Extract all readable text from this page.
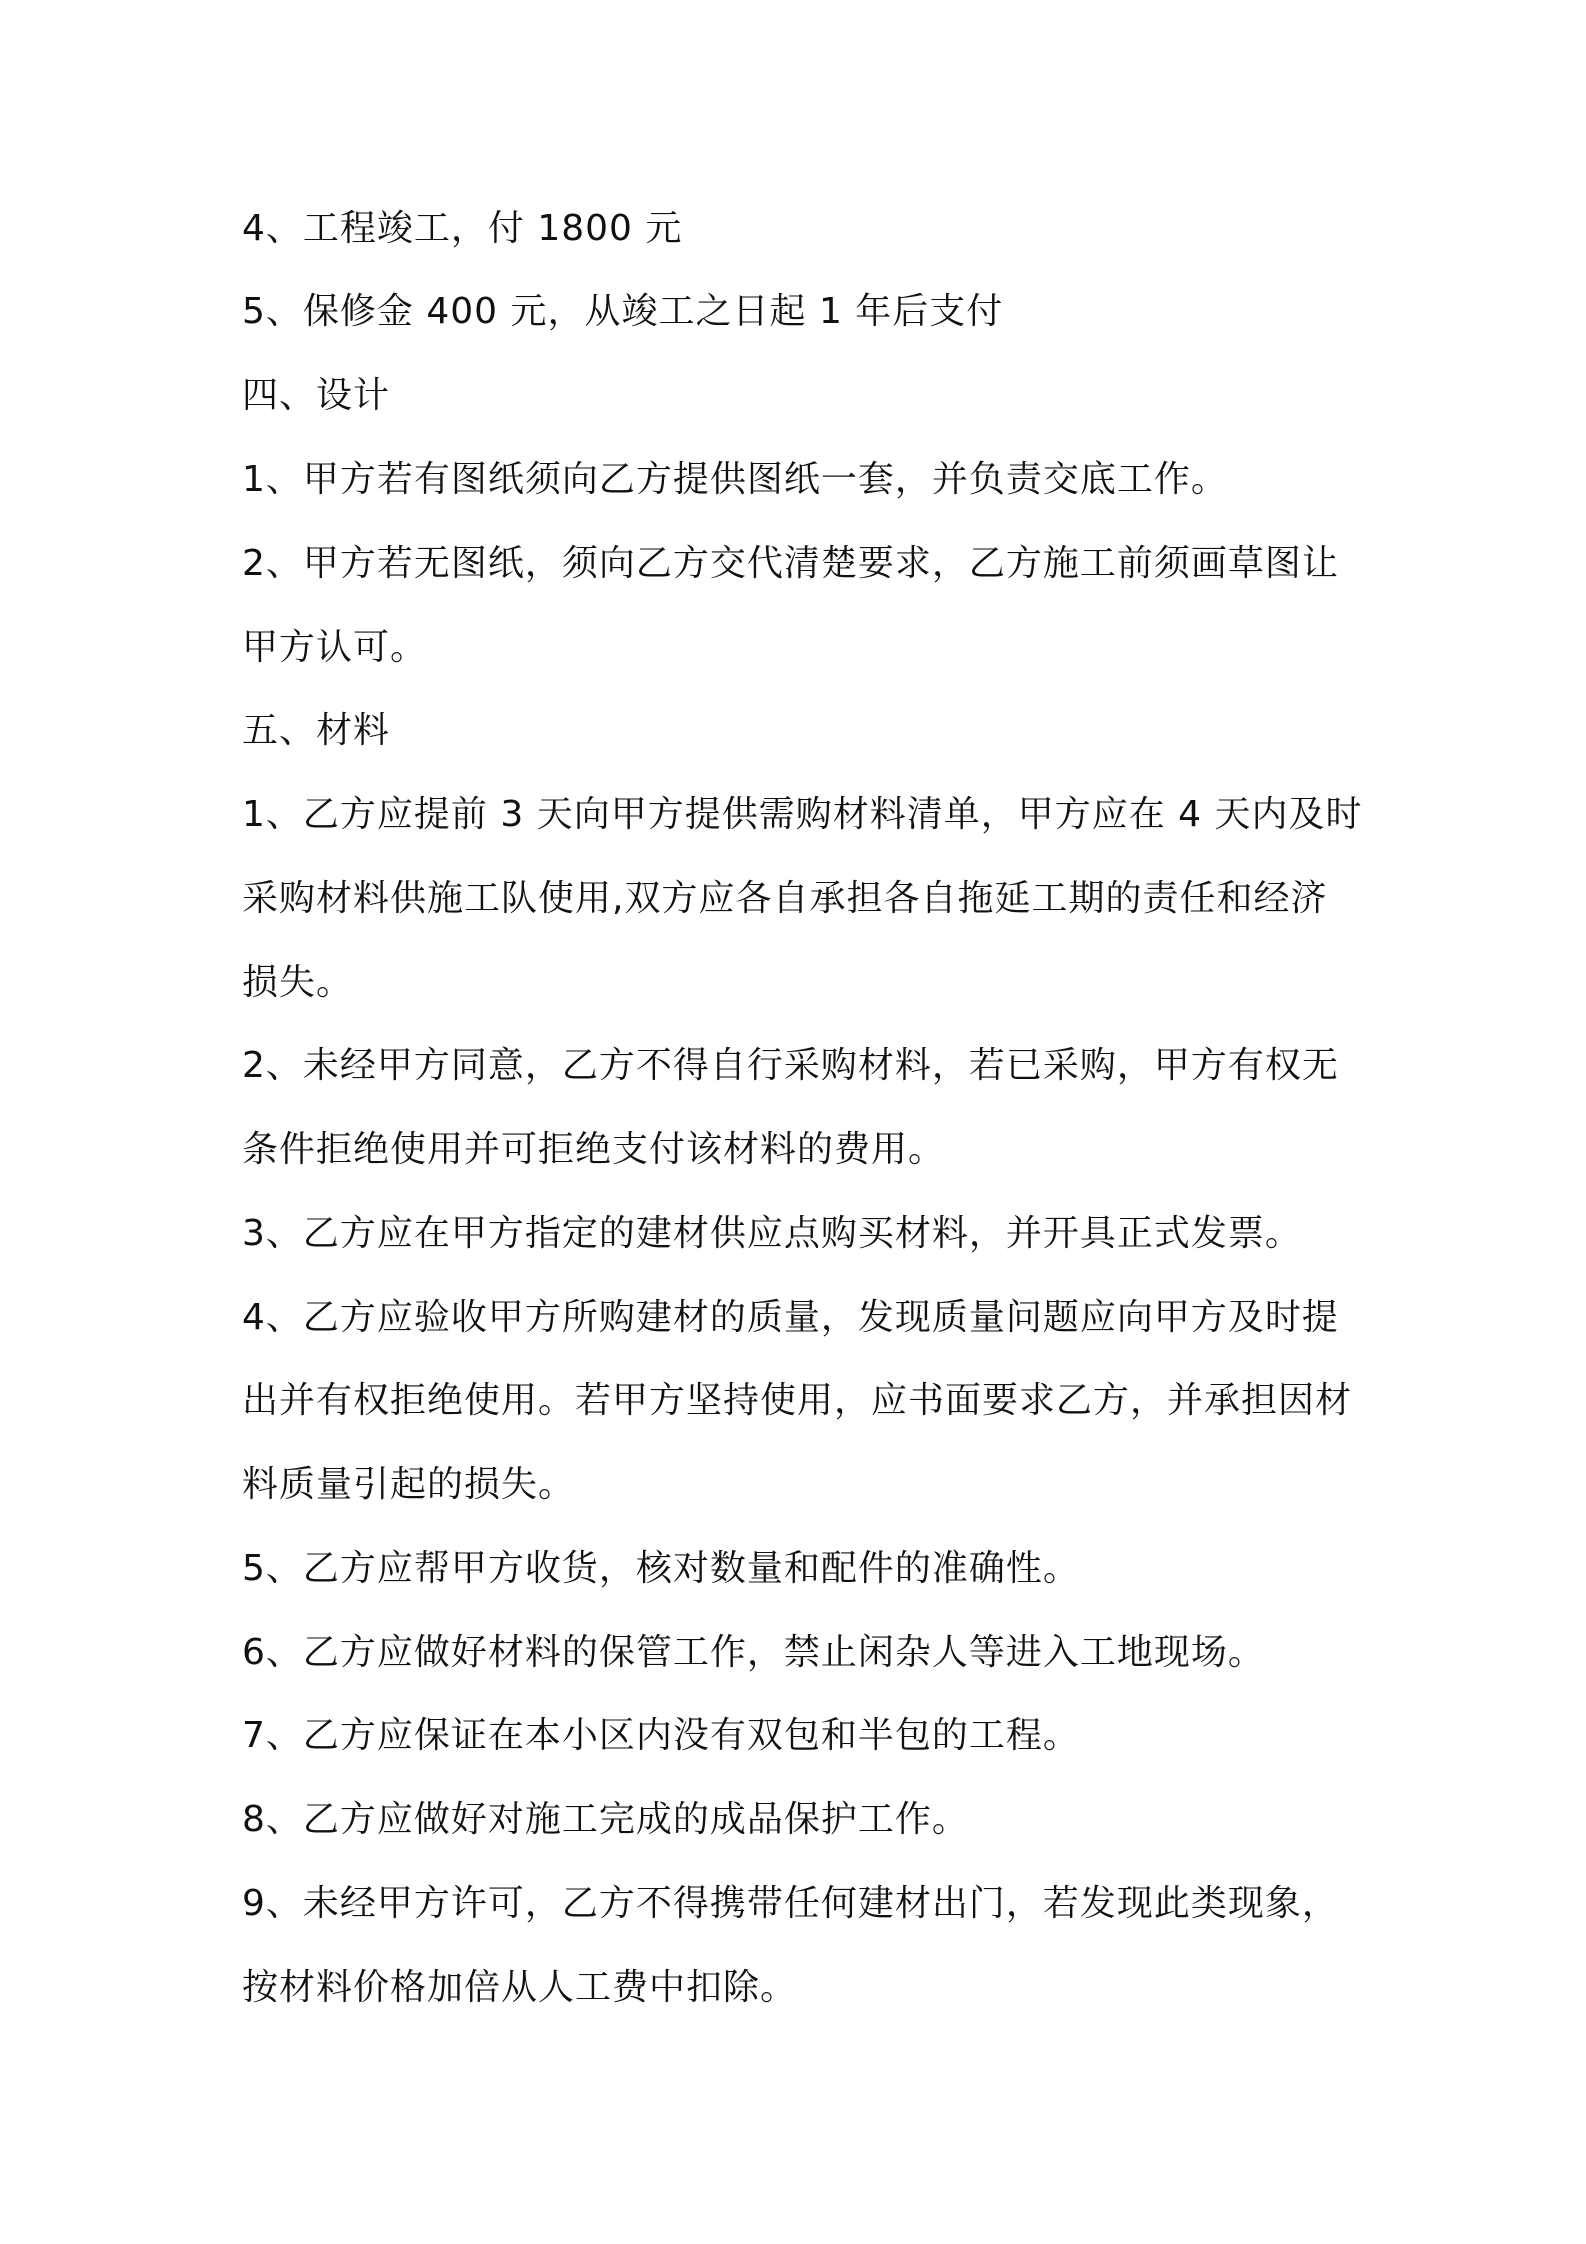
4、工程竣工，付 1800 元
5、保修金 400 元，从竣工之日起 1 年后支付
四、设计
1、甲方若有图纸须向乙方提供图纸一套，并负责交底工作。
2、甲方若无图纸，须向乙方交代清楚要求，乙方施工前须画草图让
甲方认可。
五、材料
1、乙方应提前 3 天向甲方提供需购材料清单，甲方应在 4 天内及时
采购材料供施工队使用,双方应各自承担各自拖延工期的责任和经济
损失。
2、未经甲方同意，乙方不得自行采购材料，若已采购，甲方有权无
条件拒绝使用并可拒绝支付该材料的费用。
3、乙方应在甲方指定的建材供应点购买材料，并开具正式发票。
4、乙方应验收甲方所购建材的质量，发现质量问题应向甲方及时提
出并有权拒绝使用。若甲方坚持使用，应书面要求乙方，并承担因材
料质量引起的损失。
5、乙方应帮甲方收货，核对数量和配件的准确性。
6、乙方应做好材料的保管工作，禁止闲杂人等进入工地现场。
7、乙方应保证在本小区内没有双包和半包的工程。
8、乙方应做好对施工完成的成品保护工作。
9、未经甲方许可，乙方不得携带任何建材出门，若发现此类现象，
按材料价格加倍从人工费中扣除。
